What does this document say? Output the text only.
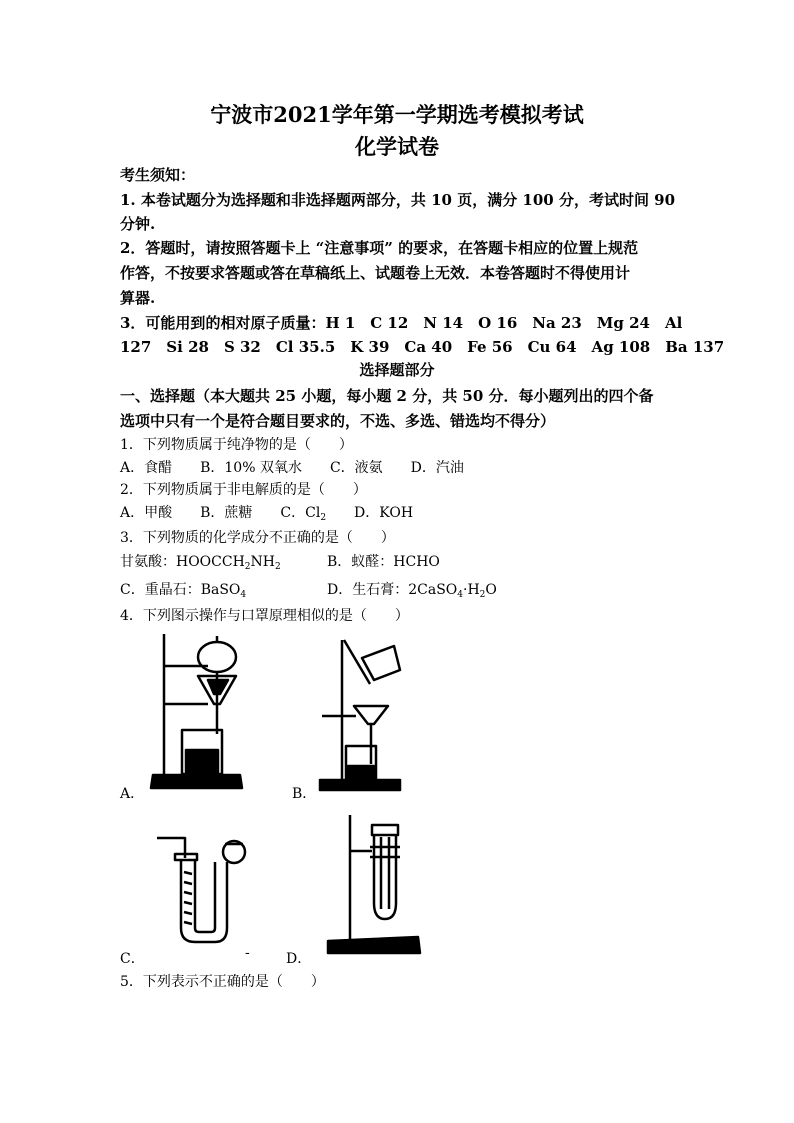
宁波市2021学年第一学期选考模拟考试
化学试卷
考生须知：
1. 本卷试题分为选择题和非选择题两部分，共 10 页，满分 100 分，考试时间 90
分钟.
2．答题时，请按照答题卡上 “注意事项” 的要求，在答题卡相应的位置上规范
作答，不按要求答题或答在草稿纸上、试题卷上无效．本卷答题时不得使用计
算器.
3．可能用到的相对原子质量：H 1　C 12　N 14　O 16　Na 23　Mg 24　Al
127　Si 28　S 32　Cl 35.5　K 39　Ca 40　Fe 56　Cu 64　Ag 108　Ba 137
选择题部分
一、选择题（本大题共 25 小题，每小题 2 分，共 50 分．每小题列出的四个备
选项中只有一个是符合题目要求的，不选、多选、错选均不得分）
1．下列物质属于纯净物的是（　　）
A．食醋　　B．10% 双氧水　　C．液氨　　D．汽油
2．下列物质属于非电解质的是（　　）
A．甲酸　　B．蔗糖　　C．$Cl_2$　　D．KOH
3．下列物质的化学成分不正确的是（　　）
甘氨酸：$HOOCCH_2NH_2$	B．蚁醛：HCHO
C．重晶石：BaSO$_4$	D．生石膏：$2CaSO_4\cdot H_2O$
4．下列图示操作与口罩原理相似的是（　　）
A．	B．
C．	-	D．
5．下列表示不正确的是（　　）
